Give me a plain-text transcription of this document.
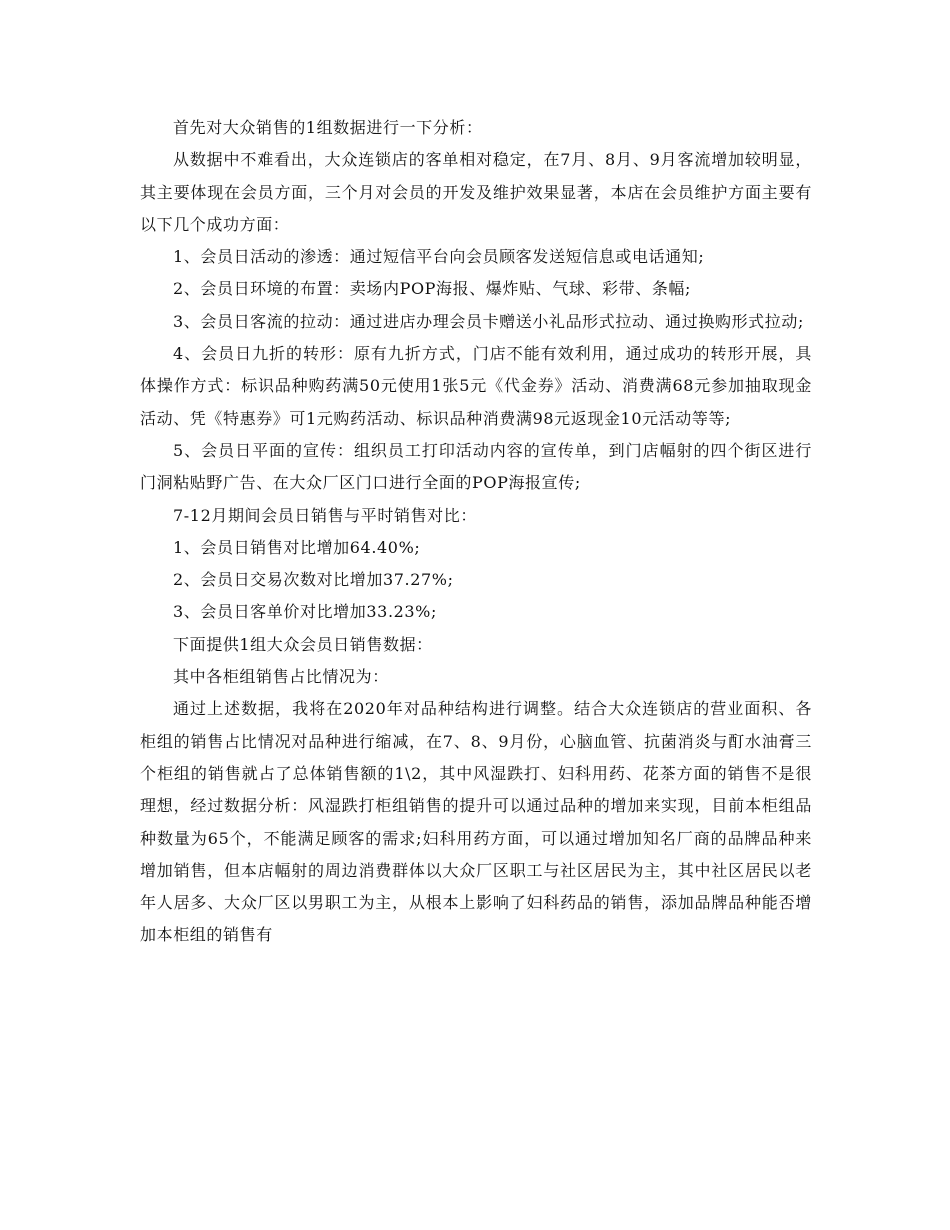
首先对大众销售的1组数据进行一下分析：

从数据中不难看出，大众连锁店的客单相对稳定，在7月、8月、9月客流增加较明显，其主要体现在会员方面，三个月对会员的开发及维护效果显著，本店在会员维护方面主要有以下几个成功方面：

1、会员日活动的渗透：通过短信平台向会员顾客发送短信息或电话通知;

2、会员日环境的布置：卖场内POP海报、爆炸贴、气球、彩带、条幅;

3、会员日客流的拉动：通过进店办理会员卡赠送小礼品形式拉动、通过换购形式拉动;

4、会员日九折的转形：原有九折方式，门店不能有效利用，通过成功的转形开展，具体操作方式：标识品种购药满50元使用1张5元《代金券》活动、消费满68元参加抽取现金活动、凭《特惠券》可1元购药活动、标识品种消费满98元返现金10元活动等等;

5、会员日平面的宣传：组织员工打印活动内容的宣传单，到门店幅射的四个街区进行门洞粘贴野广告、在大众厂区门口进行全面的POP海报宣传;

7-12月期间会员日销售与平时销售对比：

1、会员日销售对比增加64.40%;

2、会员日交易次数对比增加37.27%;

3、会员日客单价对比增加33.23%;

下面提供1组大众会员日销售数据：

其中各柜组销售占比情况为：

通过上述数据，我将在2020年对品种结构进行调整。结合大众连锁店的营业面积、各柜组的销售占比情况对品种进行缩减，在7、8、9月份，心脑血管、抗菌消炎与酊水油膏三个柜组的销售就占了总体销售额的1\2，其中风湿跌打、妇科用药、花茶方面的销售不是很理想，经过数据分析：风湿跌打柜组销售的提升可以通过品种的增加来实现，目前本柜组品种数量为65个，不能满足顾客的需求;妇科用药方面，可以通过增加知名厂商的品牌品种来增加销售，但本店幅射的周边消费群体以大众厂区职工与社区居民为主，其中社区居民以老年人居多、大众厂区以男职工为主，从根本上影响了妇科药品的销售，添加品牌品种能否增加本柜组的销售有
